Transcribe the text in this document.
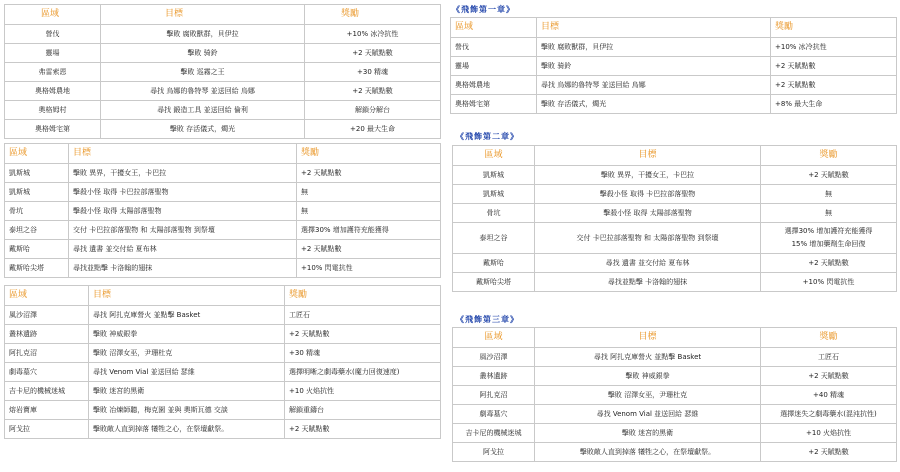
區域	目標	獎勵
營伐	擊敗 腐敗獸群，貝伊拉	+10% 冰冷抗性
靈場	擊敗 骑鈴	+2 天賦點數
弗雷索恩	擊敗 巡霧之王	+30 精魂
奧格姆農地	尋找 烏娜的魯特琴 並送回給 烏娜	+2 天賦點數
奧格姆村	尋找 鍛造工具 並送回給 倫利	解鎖分解台
奧格姆宅第	擊敗 存活儀式，燭光	+20 最大生命
區域	目標	獎勵
凱斯城	擊敗 異界，干擾女王，卡巴拉	+2 天賦點數
凱斯城	擊殺小怪 取得 卡巴拉部落聖物	無
骨坑	擊殺小怪 取得 太陽部落聖物	無
泰坦之谷	交付 卡巴拉部落聖物 和 太陽部落聖物 到祭壇	選擇30% 增加護符充能獲得
戴斯哈	尋找 遺書 並交付給 夏布林	+2 天賦點數
戴斯哈尖塔	尋找並點擊 卡洛翰的翅抹	+10% 閃電抗性
區域	目標	獎勵
風沙沼澤	尋找 阿扎克庫營火 並點擊 Basket	工匠石
叢林遺跡	擊敗 神威銀拳	+2 天賦點數
阿扎克沼	擊敗 沼澤女巫，尹珊杜克	+30 精魂
劇毒墓穴	尋找 Venom Vial 並送回給 瑟維	選擇明晰之劇毒藥水(魔力回復速度)
吉卡尼的機械迷城	擊敗 迷宮的黑衛	+10 火焰抗性
熔岩寶庫	擊敗 冶煉師聽，梅克園 並與 奧斯瓦德 交談	解鎖重鑄台
阿戈拉	擊敗敵人直到掉落 犧牲之心，在祭壇獻祭。	+2 天賦點數
《飛飾第一章》
區域	目標	獎勵
營伐	擊敗 腐敗獸群，貝伊拉	+10% 冰冷抗性
靈場	擊敗 骑鈴	+2 天賦點數
奧格姆農地	尋找 烏娜的魯特琴 並送回給 烏娜	+2 天賦點數
奧格姆宅第	擊敗 存活儀式，燭光	+8% 最大生命
《飛飾第二章》
區域	目標	獎勵
凱斯城	擊敗 異界，干擾女王，卡巴拉	+2 天賦點數
凱斯城	擊殺小怪 取得 卡巴拉部落聖物	無
骨坑	擊殺小怪 取得 太陽部落聖物	無
泰坦之谷	交付 卡巴拉部落聖物 和 太陽部落聖物 到祭壇	選擇30% 增加護符充能獲得
15% 增加藥劑生命回復

戴斯哈	尋找 遺書 並交付給 夏布林	+2 天賦點數
戴斯哈尖塔	尋找並點擊 卡洛翰的翅抹	+10% 閃電抗性
《飛飾第三章》
區域	目標	獎勵
風沙沼澤	尋找 阿扎克庫營火 並點擊 Basket	工匠石
叢林遺跡	擊敗 神威銀拳	+2 天賦點數
阿扎克沼	擊敗 沼澤女巫，尹珊杜克	+40 精魂
劇毒墓穴	尋找 Venom Vial 並送回給 瑟維	選擇迷失之劇毒藥水(混沌抗性)
吉卡尼的機械迷城	擊敗 迷宮的黑衛	+10 火焰抗性
阿戈拉	擊敗敵人直到掉落 犧牲之心，在祭壇獻祭。	+2 天賦點數
